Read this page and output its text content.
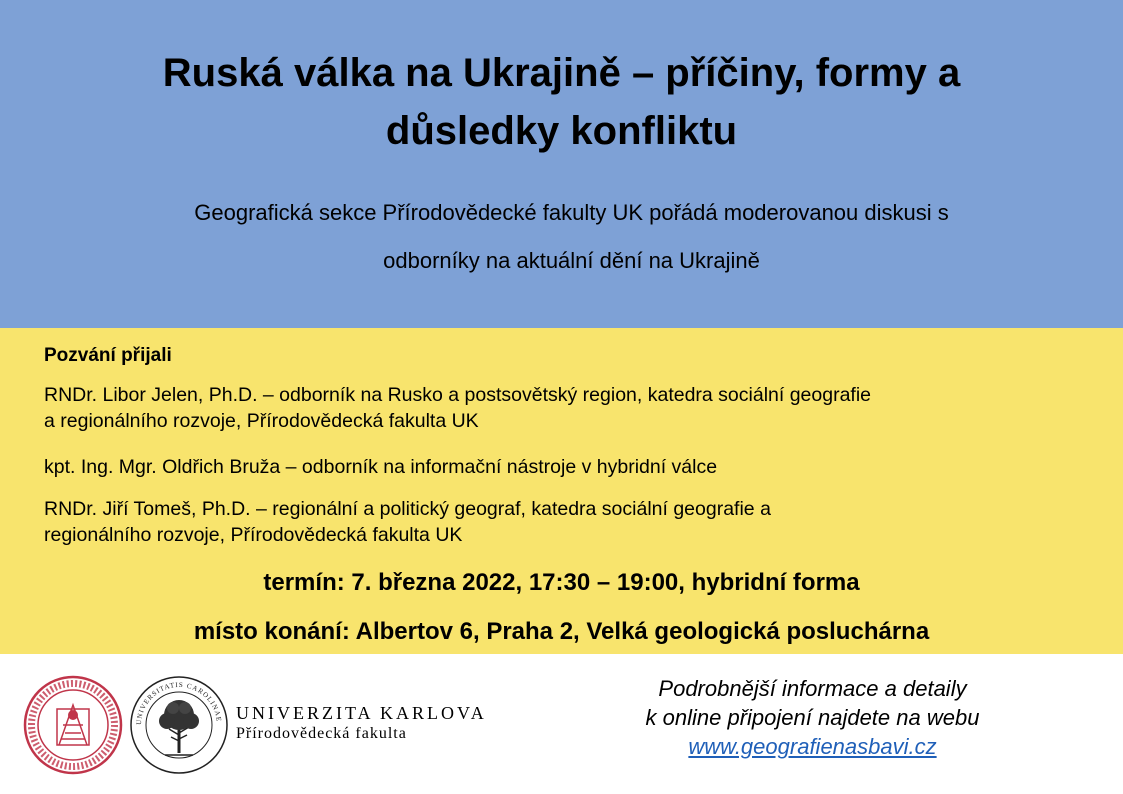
Ruská válka na Ukrajině – příčiny, formy a
důsledky konfliktu

Geografická sekce Přírodovědecké fakulty UK pořádá moderovanou diskusi s
odborníky na aktuální dění na Ukrajině

Pozvání přijali

RNDr. Libor Jelen, Ph.D. – odborník na Rusko a postsovětský region, katedra sociální geografie
a regionálního rozvoje, Přírodovědecká fakulta UK

kpt. Ing. Mgr. Oldřich Bruža – odborník na informační nástroje v hybridní válce

RNDr. Jiří Tomeš, Ph.D. – regionální a politický geograf, katedra sociální geografie a
regionálního rozvoje, Přírodovědecká fakulta UK

termín: 7. března 2022, 17:30 – 19:00, hybridní forma

místo konání: Albertov 6, Praha 2, Velká geologická posluchárna

UNIVERSITATIS CAROLINAE UNIVERZITA KARLOVA

Přírodovědecká fakulta

Podrobnější informace a detaily

k online připojení najdete na webu

www.geografienasbavi.cz
